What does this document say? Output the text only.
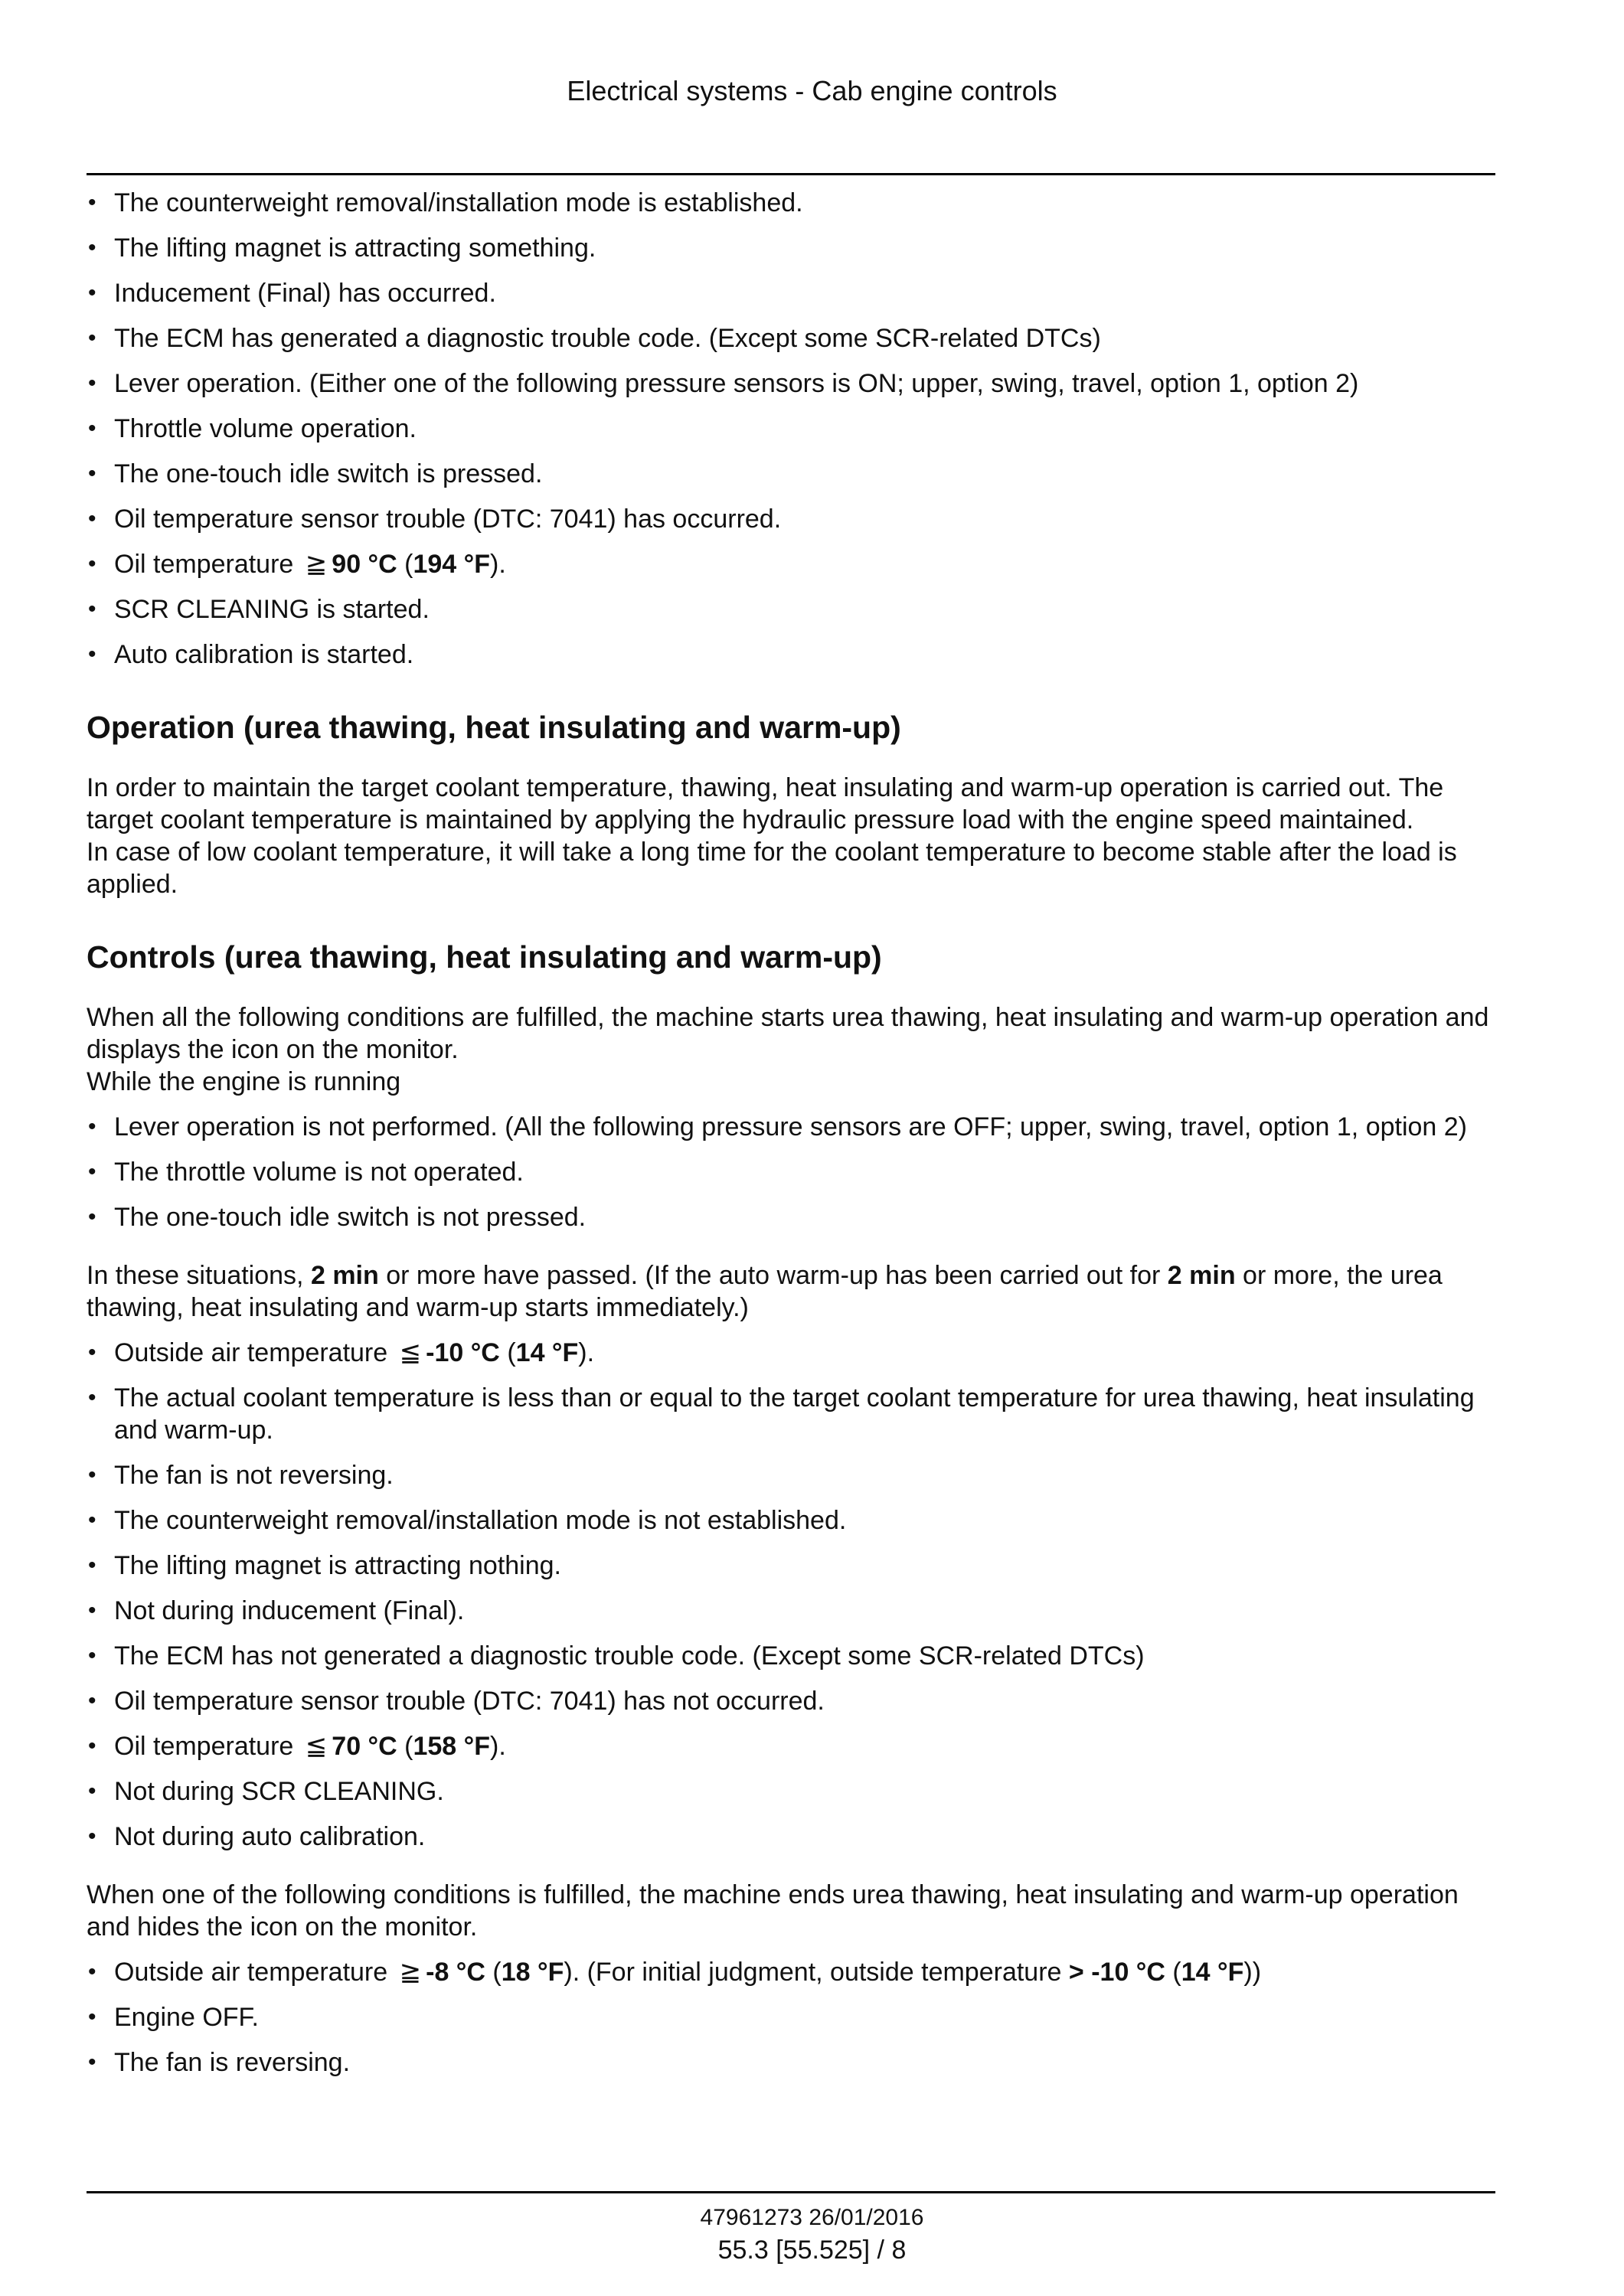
Electrical systems - Cab engine controls
• The counterweight removal/installation mode is established.
• The lifting magnet is attracting something.
• Inducement (Final) has occurred.
• The ECM has generated a diagnostic trouble code. (Except some SCR-related DTCs)
• Lever operation. (Either one of the following pressure sensors is ON; upper, swing, travel, option 1, option 2)
• Throttle volume operation.
• The one-touch idle switch is pressed.
• Oil temperature sensor trouble (DTC: 7041) has occurred.
• Oil temperature ≧ 90 °C (194 °F).
• SCR CLEANING is started.
• Auto calibration is started.
Operation (urea thawing, heat insulating and warm-up)

In order to maintain the target coolant temperature, thawing, heat insulating and warm-up operation is carried out. The target coolant temperature is maintained by applying the hydraulic pressure load with the engine speed maintained.

In case of low coolant temperature, it will take a long time for the coolant temperature to become stable after the load is applied.

Controls (urea thawing, heat insulating and warm-up)

When all the following conditions are fulfilled, the machine starts urea thawing, heat insulating and warm-up operation and displays the icon on the monitor.

While the engine is running

• Lever operation is not performed. (All the following pressure sensors are OFF; upper, swing, travel, option 1, option 2)
• The throttle volume is not operated.
• The one-touch idle switch is not pressed.

In these situations, 2 min or more have passed. (If the auto warm-up has been carried out for 2 min or more, the urea thawing, heat insulating and warm-up starts immediately.)

• Outside air temperature ≦ -10 °C (14 °F).
• The actual coolant temperature is less than or equal to the target coolant temperature for urea thawing, heat insulating and warm-up.
• The fan is not reversing.
• The counterweight removal/installation mode is not established.
• The lifting magnet is attracting nothing.
• Not during inducement (Final).
• The ECM has not generated a diagnostic trouble code. (Except some SCR-related DTCs)
• Oil temperature sensor trouble (DTC: 7041) has not occurred.
• Oil temperature ≦ 70 °C (158 °F).
• Not during SCR CLEANING.
• Not during auto calibration.

When one of the following conditions is fulfilled, the machine ends urea thawing, heat insulating and warm-up operation and hides the icon on the monitor.

• Outside air temperature ≧ -8 °C (18 °F). (For initial judgment, outside temperature > -10 °C (14 °F))
• Engine OFF.
• The fan is reversing.
47961273 26/01/2016
55.3 [55.525] / 8
